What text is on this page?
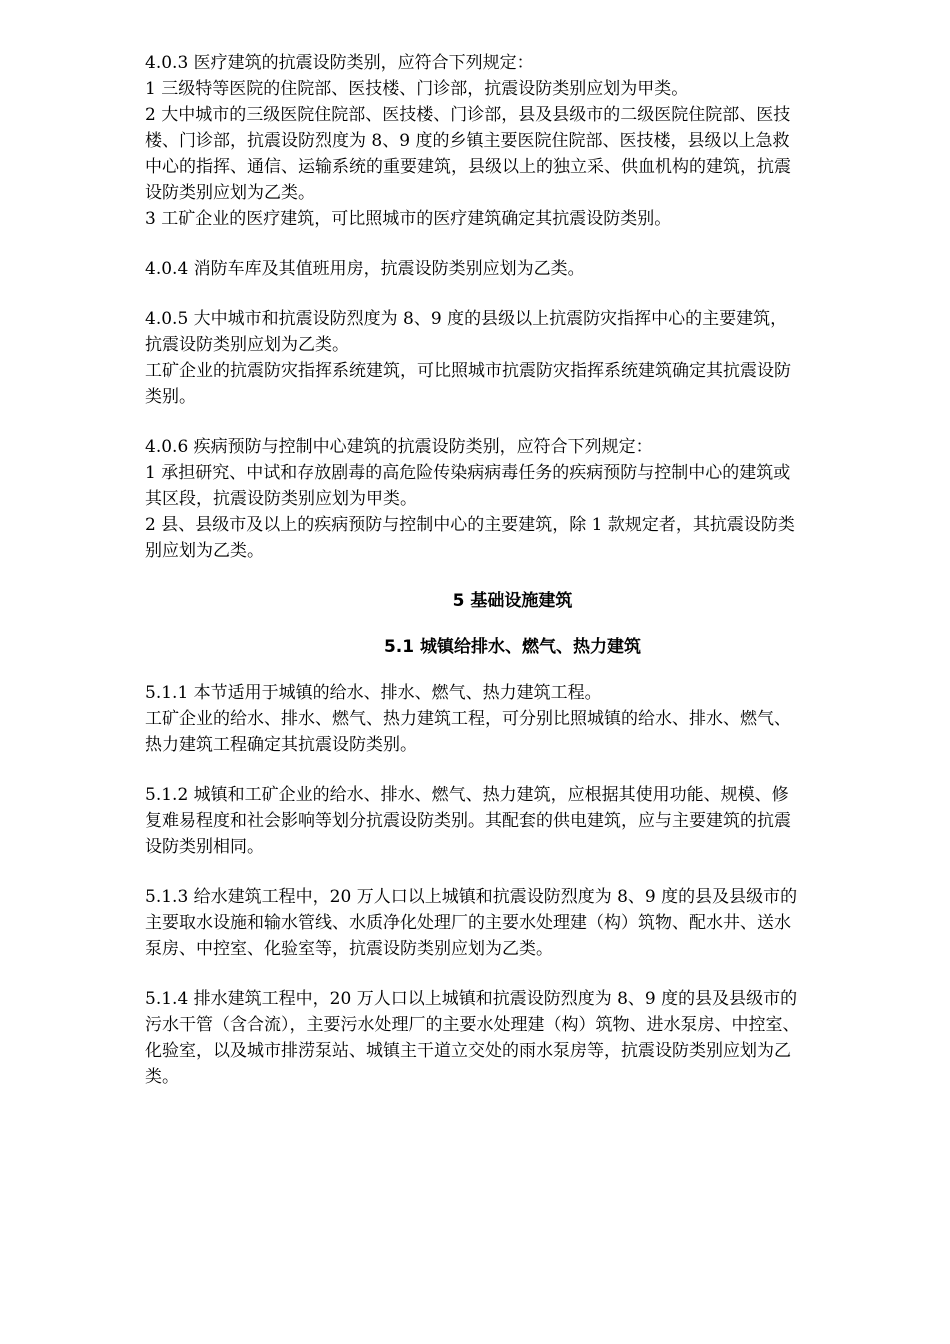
4.0.3 医疗建筑的抗震设防类别，应符合下列规定：

1 三级特等医院的住院部、医技楼、门诊部，抗震设防类别应划为甲类。

2 大中城市的三级医院住院部、医技楼、门诊部，县及县级市的二级医院住院部、医技

楼、门诊部，抗震设防烈度为 8、9 度的乡镇主要医院住院部、医技楼，县级以上急救

中心的指挥、通信、运输系统的重要建筑，县级以上的独立采、供血机构的建筑，抗震

设防类别应划为乙类。

3 工矿企业的医疗建筑，可比照城市的医疗建筑确定其抗震设防类别。

4.0.4 消防车库及其值班用房，抗震设防类别应划为乙类。

4.0.5 大中城市和抗震设防烈度为 8、9 度的县级以上抗震防灾指挥中心的主要建筑，

抗震设防类别应划为乙类。

工矿企业的抗震防灾指挥系统建筑，可比照城市抗震防灾指挥系统建筑确定其抗震设防

类别。

4.0.6 疾病预防与控制中心建筑的抗震设防类别，应符合下列规定：

1 承担研究、中试和存放剧毒的高危险传染病病毒任务的疾病预防与控制中心的建筑或

其区段，抗震设防类别应划为甲类。

2 县、县级市及以上的疾病预防与控制中心的主要建筑，除 1 款规定者，其抗震设防类

别应划为乙类。

5 基础设施建筑
5.1 城镇给排水、燃气、热力建筑

5.1.1 本节适用于城镇的给水、排水、燃气、热力建筑工程。

工矿企业的给水、排水、燃气、热力建筑工程，可分别比照城镇的给水、排水、燃气、

热力建筑工程确定其抗震设防类别。

5.1.2 城镇和工矿企业的给水、排水、燃气、热力建筑，应根据其使用功能、规模、修

复难易程度和社会影响等划分抗震设防类别。其配套的供电建筑，应与主要建筑的抗震

设防类别相同。

5.1.3 给水建筑工程中，20 万人口以上城镇和抗震设防烈度为 8、9 度的县及县级市的

主要取水设施和输水管线、水质净化处理厂的主要水处理建（构）筑物、配水井、送水

泵房、中控室、化验室等，抗震设防类别应划为乙类。

5.1.4 排水建筑工程中，20 万人口以上城镇和抗震设防烈度为 8、9 度的县及县级市的

污水干管（含合流），主要污水处理厂的主要水处理建（构）筑物、进水泵房、中控室、

化验室，以及城市排涝泵站、城镇主干道立交处的雨水泵房等，抗震设防类别应划为乙

类。
